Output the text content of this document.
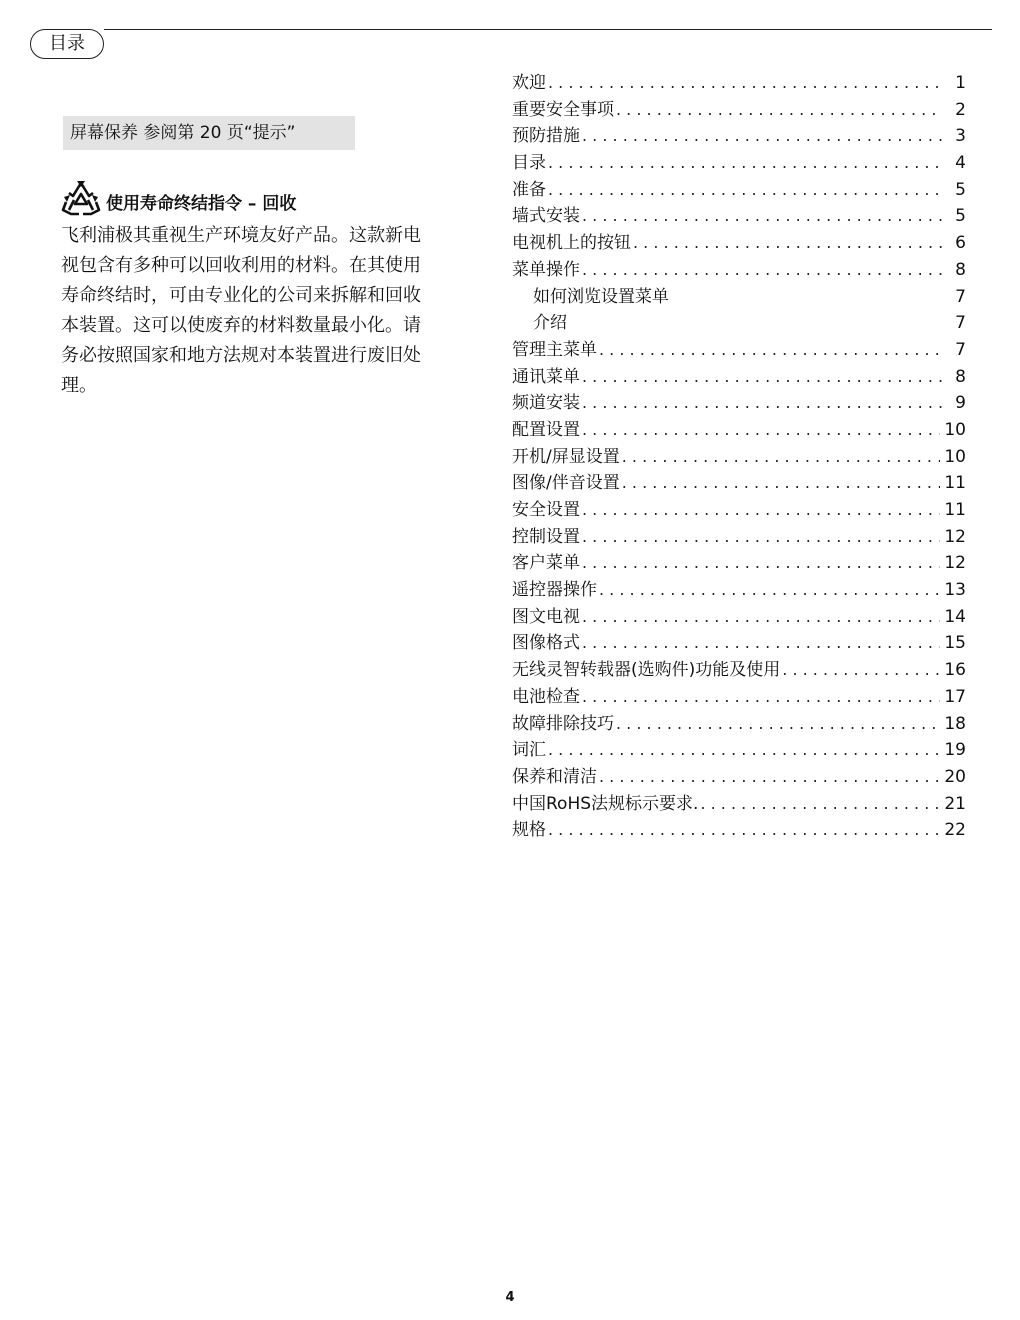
目录
屏幕保养 参阅第 20 页“提示”
使用寿命终结指令 – 回收

飞利浦极其重视生产环境友好产品。这款新电视包含有多种可以回收利用的材料。在其使用寿命终结时，可由专业化的公司来拆解和回收本装置。这可以使废弃的材料数量最小化。请务必按照国家和地方法规对本装置进行废旧处理。

欢迎 . . .	1
重要安全事项 . . .	2
预防措施 . . .	3
目录 . . .	4
准备 . . .	5
墙式安装 . . .	5
电视机上的按钮 . . .	6
菜单操作 . . .	8
如何浏览设置菜单	7
介绍	7
管理主菜单 . . .	7
通讯菜单 . . .	8
频道安装 . . .	9
配置设置 . . .	10
开机/屏显设置 . . .	10
图像/伴音设置 . . .	11
安全设置 . . .	11
控制设置 . . .	12
客户菜单 . . .	12
遥控器操作 . . .	13
图文电视 . . .	14
图像格式 . . .	15
无线灵智转载器(选购件)功能及使用 . . .	16
电池检查 . . .	17
故障排除技巧 . . .	18
词汇 . . .	19
保养和清洁 . . .	20
中国RoHS法规标示要求. . . .	21
规格 . . .	22
4
